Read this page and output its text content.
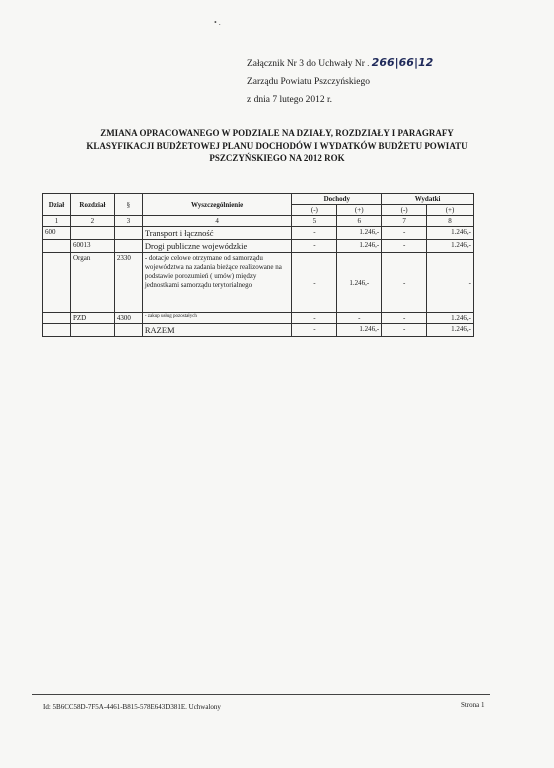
• .
Załącznik Nr 3 do Uchwały Nr . 266|66|12
Zarządu Powiatu Pszczyńskiego
z dnia 7 lutego 2012 r.
ZMIANA OPRACOWANEGO W PODZIALE NA DZIAŁY, ROZDZIAŁY I PARAGRAFY
KLASYFIKACJI BUDŻETOWEJ PLANU DOCHODÓW I WYDATKÓW BUDŻETU POWIATU
PSZCZYŃSKIEGO NA 2012 ROK
Dział	Rozdział	§	Wyszczególnienie	Dochody		Wydatki	
				(-)	(+)	(-)	(+)
1	2	3	4	5	6	7	8
600			Transport i łączność	-	1.246,-	-	1.246,-
	60013		Drogi publiczne wojewódzkie	-	1.246,-	-	1.246,-
	Organ	2330	- dotacje celowe otrzymane od samorządu województwa na zadania bieżące realizowane na podstawie porozumień ( umów) między jednostkami samorządu terytorialnego	-	1.246,-	-	-
	PZD	4300	- zakup usług pozostałych	-	-	-	1.246,-
			RAZEM	-	1.246,-	-	1.246,-
Id: 5B6CC58D-7F5A-4461-B815-578E643D381E. Uchwalony	Strona 1
